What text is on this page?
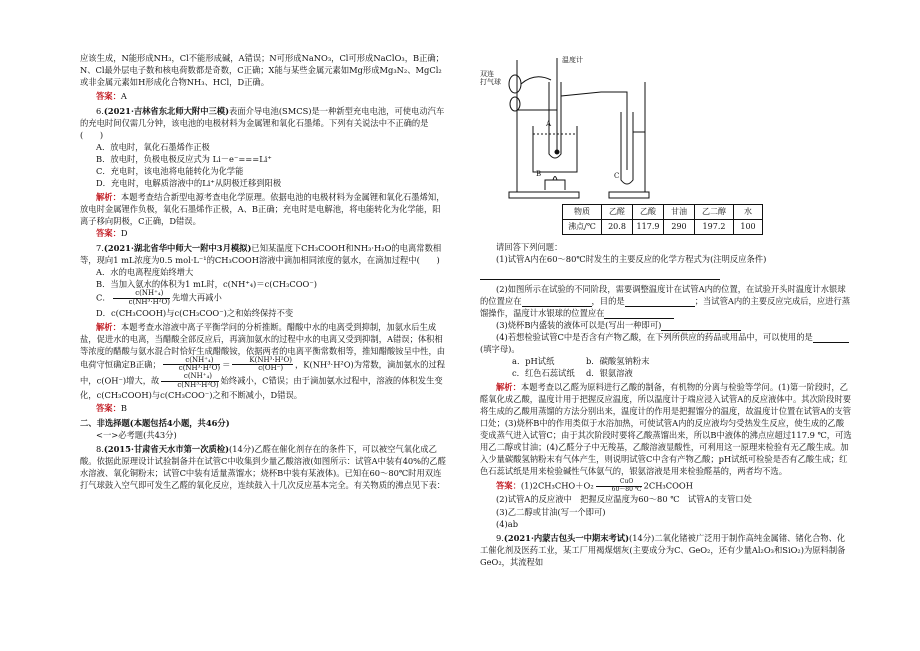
应该生成，N能形成NH₃，Cl不能形成碱，A错误；N可形成NaNO₃，Cl可形成NaClO₃，B正确；N、Cl最外层电子数和核电荷数都是奇数，C正确；X能与某些金属元素如Mg形成Mg₃N₂、MgCl₂或非金属元素如H形成化合物NH₃、HCl，D正确。

答案：A

6.(2021·吉林省东北师大附中三模)表面介导电池(SMCS)是一种新型充电电池，可使电动汽车的充电时间仅需几分钟，该电池的电极材料为金属锂和氧化石墨烯。下列有关说法中不正确的是(　　)

A．放电时，氧化石墨烯作正极

B．放电时，负极电极反应式为 Li－e⁻===Li⁺

C．充电时，该电池将电能转化为化学能

D．充电时，电解质溶液中的Li⁺从阴极迁移到阳极

解析：本题考查结合新型电源考查电化学原理。依据电池的电极材料为金属锂和氧化石墨烯知，放电时金属锂作负极，氧化石墨烯作正极，A、B正确；充电时是电解池，将电能转化为化学能，阳离子移向阴极，C正确，D错误。

答案：D

7.(2021·湖北省华中师大一附中3月模拟)已知某温度下CH₃COOH和NH₃·H₂O的电离常数相等，现向1 mL浓度为0.5 mol·L⁻¹的CH₃COOH溶液中滴加相同浓度的氨水，在滴加过程中(　　)

A．水的电离程度始终增大

B．当加入氨水的体积为1 mL时，c(NH⁺₄)＝c(CH₃COO⁻)

C． $\frac{\text{c(NH⁺₄)}}{\text{c(NH³·H²O)}}$ 先增大再减小

D．c(CH₃COOH)与c(CH₃COO⁻)之和始终保持不变

解析：本题考查水溶液中离子平衡学问的分析推断。醋酸中水的电离受到抑制，加氨水后生成盐，促进水的电离，当醋酸全部反应后，再滴加氨水的过程中水的电离又受到抑制，A错误；体积相等浓度的醋酸与氨水混合时恰好生成醋酸铵，依据两者的电离平衡常数相等，推知醋酸铵呈中性，由电荷守恒确定B正确； $\frac{\text{c(NH⁺₄)}}{\text{c(NH³·H²O)}} = \frac{\text{K(NH³·H²O)}}{c(OH^-)}$ ，K(NH³·H²O)为常数，滴加氨水的过程中，c(OH⁻)增大，故 $\frac{\text{c(NH⁺₄)}}{\text{c(NH³·H²O)}}$ 始终减小，C错误；由于滴加氨水过程中，溶液的体积发生变化，c(CH₃COOH)与c(CH₃COO⁻)之和不断减小，D错误。

答案：B

二、非选择题(本题包括4小题，共46分)

<一>必考题(共43分)

8.(2015·甘肃省天水市第一次质检)(14分)乙醛在催化剂存在的条件下，可以被空气氧化成乙酸。依据此原理设计试验制备并在试管C中收集到少量乙酸溶液(如图所示：试管A中装有40%的乙醛水溶液、氧化铜粉末；试管C中装有适量蒸馏水；烧杯B中装有某液体)。已知在60～80℃时用双连打气球鼓入空气即可发生乙醛的氧化反应，连续鼓入十几次反应基本完全。有关物质的沸点见下表：

双连
打气球
温度计
A
B	C
物质	乙醛	乙酸	甘油	乙二醇	水
沸点/℃	20.8	117.9	290	197.2	100

请回答下列问题：

(1)试管A内在60～80℃时发生的主要反应的化学方程式为(注明反应条件)

(2)如图所示在试验的不同阶段，需要调整温度计在试管A内的位置，在试验开头时温度计水银球的位置应在	，目的是	；当试管A内的主要反应完成后，应进行蒸馏操作，温度计水银球的位置应在

(3)烧杯B内盛装的液体可以是(写出一种即可)

(4)若想检验试管C中是否含有产物乙酸，在下列所供应的药品或用品中，可以使用的是(填字母)。

a．pH试纸	b．碳酸氢钠粉末

c．红色石蕊试纸 d．银氨溶液

解析：本题考查以乙醛为原料进行乙酸的制备，有机物的分离与检验等学问。(1)第一阶段时，乙醛氧化成乙酸，温度计用于把握反应温度，所以温度计于端应浸入试管A的反应液体中。其次阶段时要将生成的乙酸用蒸馏的方法分别出来，温度计的作用是把握馏分的温度，故温度计位置在试管A的支管口处；(3)烧杯B中的作用类似于水浴加热，可使试管A内的反应液均匀受热发生反应，使生成的乙酸变成蒸气进入试管C；由于其次阶段时要将乙酸蒸馏出来，所以B中液体的沸点应超过117.9 ℃，可选用乙二醇或甘油；(4)乙醛分子中无羧基，乙酸溶液显酸性，可利用这一原理来检验有无乙酸生成。加入少量碳酸氢钠粉末有气体产生，则说明试管C中含有产物乙酸；pH试纸可检验是否有乙酸生成；红色石蕊试纸是用来检验碱性气体氨气的，银氨溶液是用来检验醛基的，两者均不选。

答案：$(1)2CH_3CHO+O_2 \frac{\text{CuO}}{60\sim 80 ℃}$ 2CH₃COOH

(2)试管A的反应液中　把握反应温度为60～80 ℃　试管A的支管口处

(3)乙二醇或甘油(写一个即可)

(4)ab

9.(2021·内蒙古包头一中期末考试)(14分)二氧化锗被广泛用于制作高纯金属锗、锗化合物、化工催化剂及医药工业，某工厂用褐煤烟灰(主要成分为C、GeO₂，还有少量Al₂O₃和SiO₂)为原料制备GeO₂，其流程如
